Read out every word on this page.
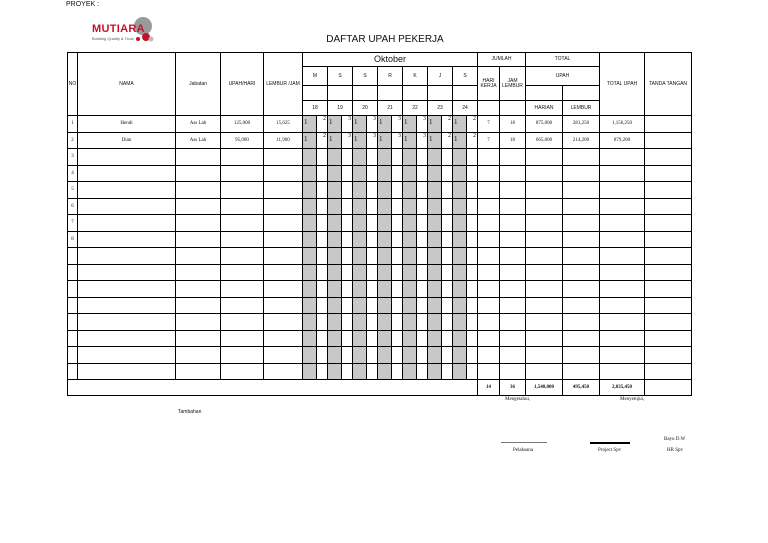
PROYEK :
MUTIARA
Building Quality & Trust	DAFTAR UPAH PEKERJA
NO	NAMA	Jabatan	UPAH/HARI	LEMBUR /JAM	Oktober														JUMLAH		TOTAL		TOTAL UPAH	TANDA TANGAN
					M		S		S		R		K		J		S		HARI KERJA	JAM LEMBUR	UPAH			

					18		19		20		21		22		23		24				HARIAN	LEMBUR		
1	Hendi	Ass Lab	125,000	15,625	1	2	1	3	1	3	1	3	1	3	1	2	1	2	7	18	875,000	281,250	1,156,250	
2	Dian	Ass Lab	95,000	11,900	1	2	1	3	1	3	1	3	1	3	1	2	1	2	7	18	665,000	214,200	879,200	
3																								
4																								
5																								
6																								
7																								
8																								

																			14	36	1,540,000	495,450	2,035,450	
Mengetahui,	Menyetujui,
Tambahan
Bayu D.W
Pelaksana	Project Spv	HR Spv
